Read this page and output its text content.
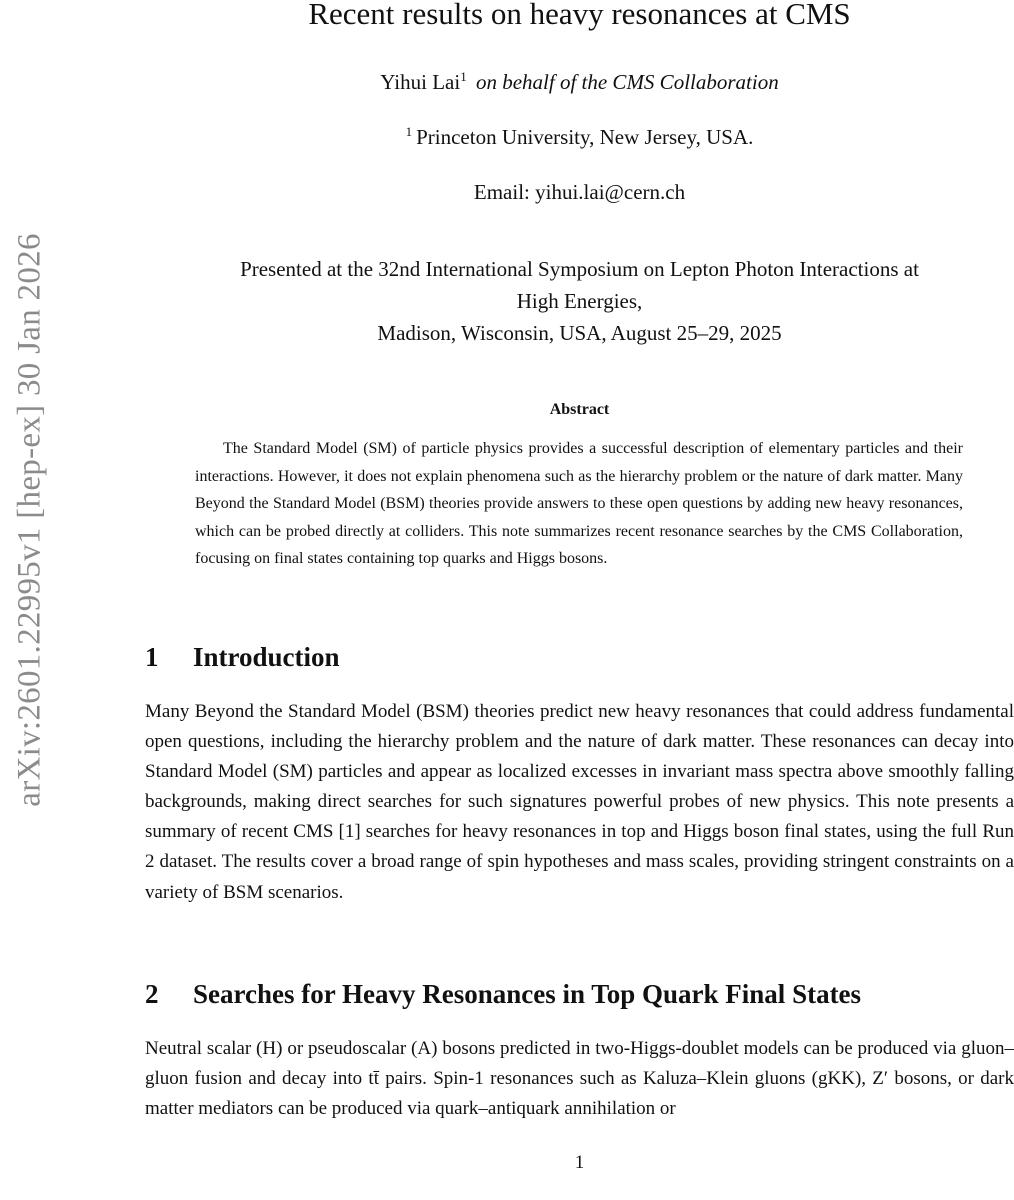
arXiv:2601.22995v1 [hep-ex] 30 Jan 2026
Recent results on heavy resonances at CMS
Yihui Lai$^1$ on behalf of the CMS Collaboration
$^1$ Princeton University, New Jersey, USA.
Email: yihui.lai@cern.ch
Presented at the 32nd International Symposium on Lepton Photon Interactions at
High Energies,
Madison, Wisconsin, USA, August 25–29, 2025
Abstract

The Standard Model (SM) of particle physics provides a successful description of elementary particles and their interactions. However, it does not explain phenomena such as the hierarchy problem or the nature of dark matter. Many Beyond the Standard Model (BSM) theories provide answers to these open questions by adding new heavy resonances, which can be probed directly at colliders. This note summarizes recent resonance searches by the CMS Collaboration, focusing on final states containing top quarks and Higgs bosons.

1 Introduction

Many Beyond the Standard Model (BSM) theories predict new heavy resonances that could address fundamental open questions, including the hierarchy problem and the nature of dark matter. These resonances can decay into Standard Model (SM) particles and appear as localized excesses in invariant mass spectra above smoothly falling backgrounds, making direct searches for such signatures powerful probes of new physics. This note presents a summary of recent CMS [1] searches for heavy resonances in top and Higgs boson final states, using the full Run 2 dataset. The results cover a broad range of spin hypotheses and mass scales, providing stringent constraints on a variety of BSM scenarios.

2 Searches for Heavy Resonances in Top Quark Final States

Neutral scalar (H) or pseudoscalar (A) bosons predicted in two-Higgs-doublet models can be produced via gluon–gluon fusion and decay into tt̄ pairs. Spin-1 resonances such as Kaluza–Klein gluons (gKK), Z′ bosons, or dark matter mediators can be produced via quark–antiquark annihilation or

1
